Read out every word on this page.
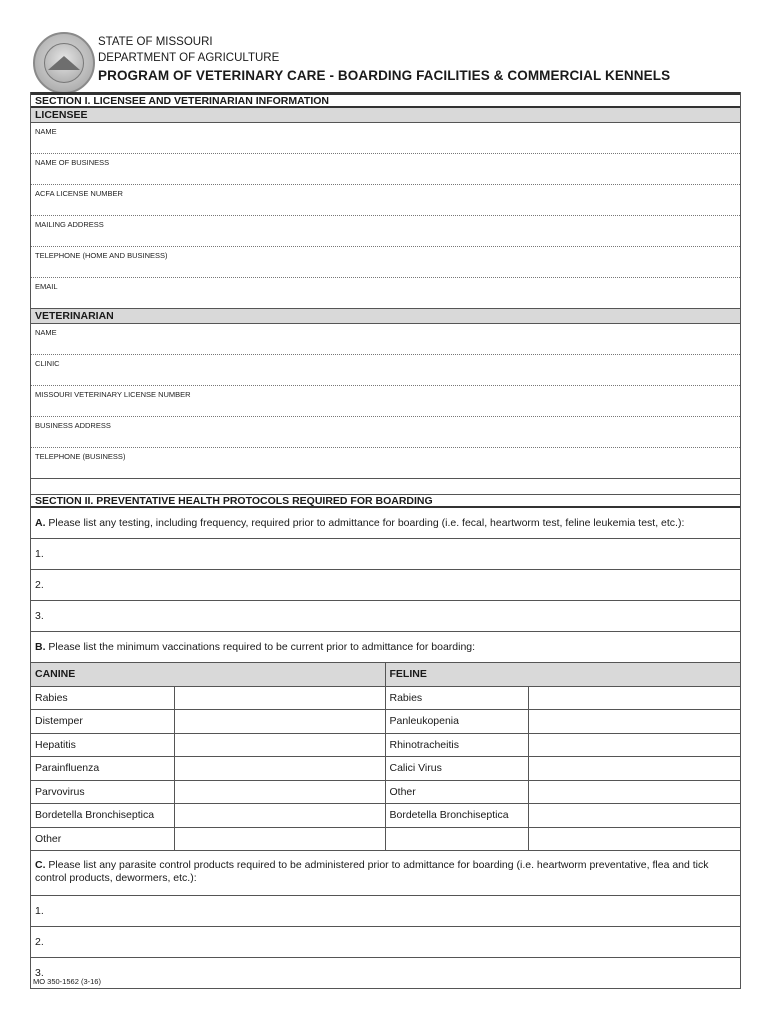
STATE OF MISSOURI
DEPARTMENT OF AGRICULTURE
PROGRAM OF VETERINARY CARE - BOARDING FACILITIES & COMMERCIAL KENNELS
SECTION I. LICENSEE AND VETERINARIAN INFORMATION
LICENSEE
NAME
NAME OF BUSINESS
ACFA LICENSE NUMBER
MAILING ADDRESS
TELEPHONE (HOME AND BUSINESS)
EMAIL
VETERINARIAN
NAME
CLINIC
MISSOURI VETERINARY LICENSE NUMBER
BUSINESS ADDRESS
TELEPHONE (BUSINESS)
SECTION II. PREVENTATIVE HEALTH PROTOCOLS REQUIRED FOR BOARDING
A. Please list any testing, including frequency, required prior to admittance for boarding (i.e. fecal, heartworm test, feline leukemia test, etc.):
1.
2.
3.
B. Please list the minimum vaccinations required to be current prior to admittance for boarding:
CANINE		FELINE	
Rabies		Rabies	
Distemper		Panleukopenia	
Hepatitis		Rhinotracheitis	
Parainfluenza		Calici Virus	
Parvovirus		Other	
Bordetella Bronchiseptica		Bordetella Bronchiseptica	
Other			
C. Please list any parasite control products required to be administered prior to admittance for boarding (i.e. heartworm preventative, flea and tick control products, dewormers, etc.):
1.
2.
3.
MO 350-1562 (3-16)
